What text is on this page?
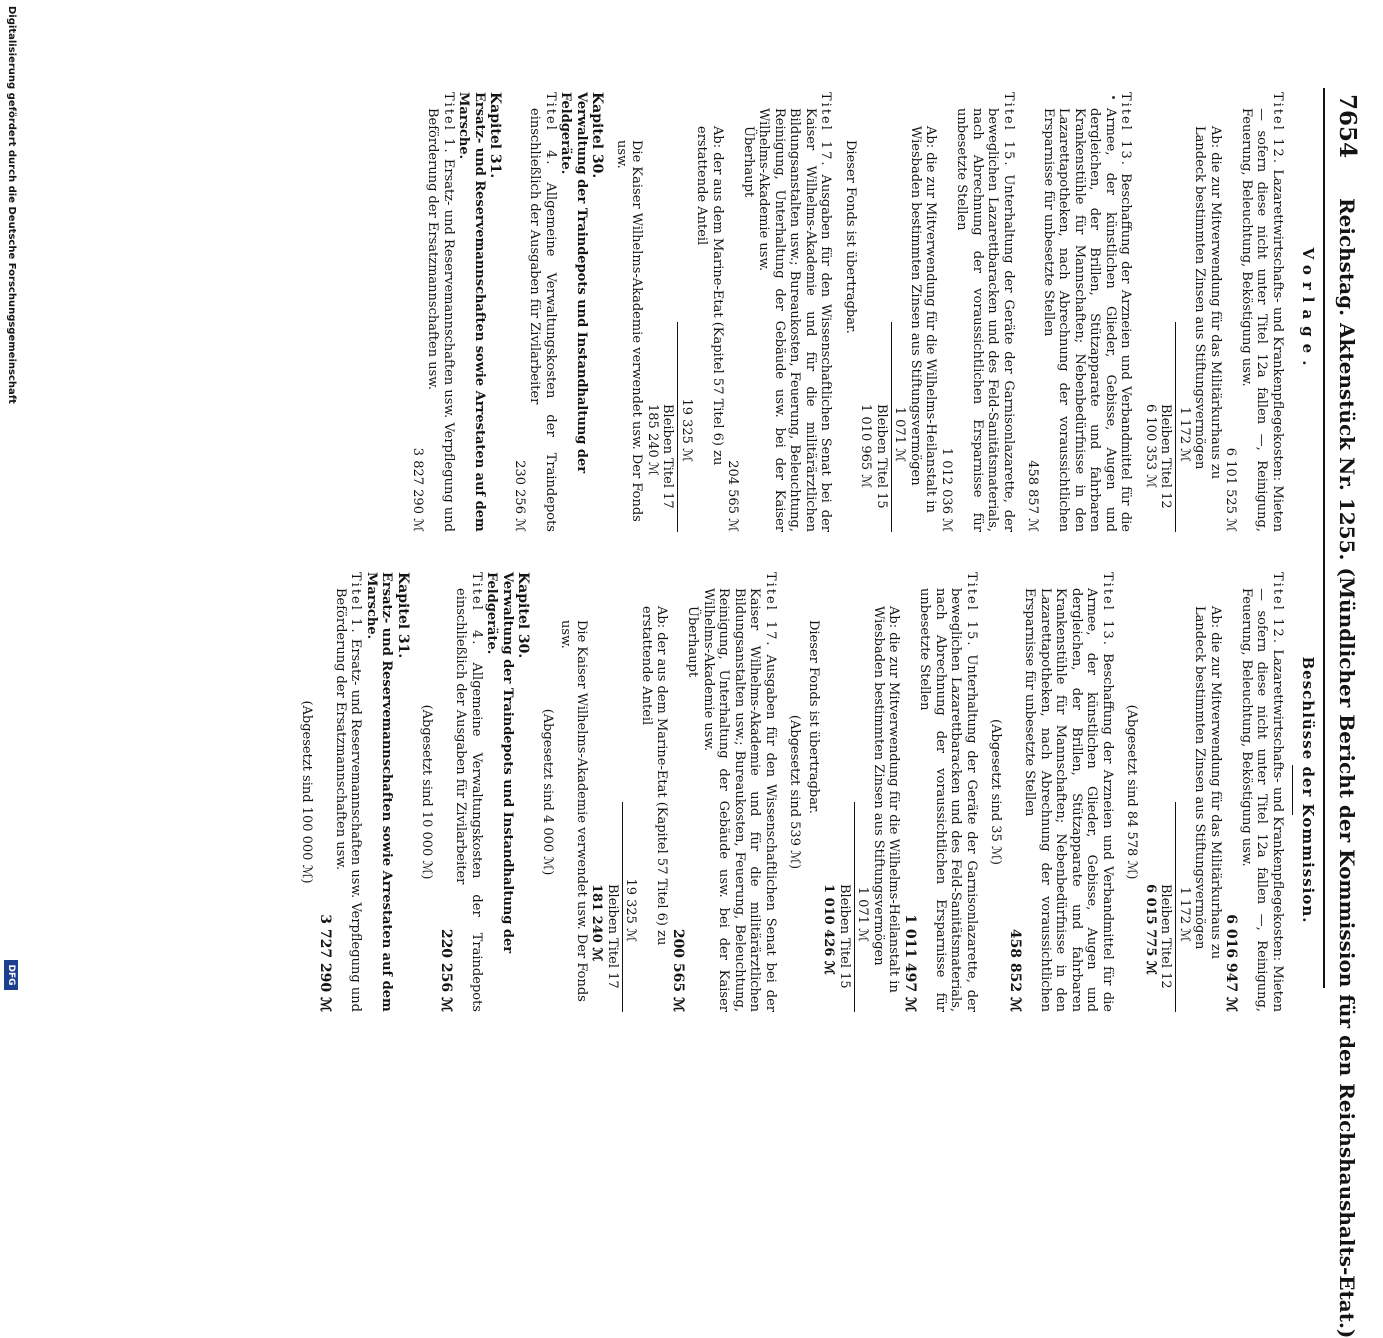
7654
Reichstag. Aktenstück Nr. 1255. (Mündlicher Bericht der Kommission für den Reichshaushalts-Etat.)
Vorlage.
Beschlüsse der Kommission.
Titel 12. Lazarettwirtschafts- und Krankenpflegekosten: Mieten — sofern diese nicht unter Titel 12a fallen —, Reinigung, Feuerung, Beleuchtung, Beköstigung usw.
6 101 525 ℳ
Ab: die zur Mitverwendung für das Militärkurhaus zu Landeck bestimmten Zinsen aus Stiftungsvermögen
1 172 ℳ
Bleiben Titel 12 6 100 353 ℳ
Titel 13. Beschaffung der Arzneien und Verbandmittel für die Armee, der künstlichen Glieder, Gebisse, Augen und dergleichen, der Brillen, Stützapparate und fahrbaren Krankenstühle für Mannschaften; Nebenbedürfnisse in den Lazarettapotheken, nach Abrechnung der voraussichtlichen Ersparnisse für unbesetzte Stellen
458 857 ℳ
Titel 15. Unterhaltung der Geräte der Garnisonlazarette, der beweglichen Lazarettbaracken und des Feld-Sanitätsmaterials, nach Abrechnung der voraussichtlichen Ersparnisse für unbesetzte Stellen
1 012 036 ℳ
Ab: die zur Mitverwendung für die Wilhelms-Heilanstalt in Wiesbaden bestimmten Zinsen aus Stiftungsvermögen
1 071 ℳ
Bleiben Titel 15 1 010 965 ℳ
Dieser Fonds ist übertragbar.
Titel 17. Ausgaben für den Wissenschaftlichen Senat bei der Kaiser Wilhelms-Akademie und für die militärärztlichen Bildungsanstalten usw.; Bureaukosten, Feuerung, Beleuchtung, Reinigung, Unterhaltung der Gebäude usw. bei der Kaiser Wilhelms-Akademie usw.
Überhaupt
204 565 ℳ
Ab: der aus dem Marine-Etat (Kapitel 57 Titel 6) zu erstattende Anteil
19 325 ℳ
Bleiben Titel 17 185 240 ℳ
Die Kaiser Wilhelms-Akademie verwendet usw. Der Fonds usw.
Kapitel 30.
Verwaltung der Traindepots und Instandhaltung der Feldgeräte.
Titel 4. Allgemeine Verwaltungskosten der Traindepots einschließlich der Ausgaben für Zivilarbeiter
230 256 ℳ
Kapitel 31.
Ersatz- und Reservemannschaften sowie Arrestaten auf dem Marsche.
Titel 1. Ersatz- und Reservemannschaften usw. Verpflegung und Beförderung der Ersatzmannschaften usw.
3 827 290 ℳ
Titel 12. Lazarettwirtschafts- und Krankenpflegekosten: Mieten — sofern diese nicht unter Titel 12a fallen —, Reinigung, Feuerung, Beleuchtung, Beköstigung usw.
6 016 947 ℳ
Ab: die zur Mitverwendung für das Militärkurhaus zu Landeck bestimmten Zinsen aus Stiftungsvermögen
1 172 ℳ
Bleiben Titel 12 6 015 775 ℳ
(Abgesetzt sind 84 578 ℳ)
Titel 13. Beschaffung der Arzneien und Verbandmittel für die Armee, der künstlichen Glieder, Gebisse, Augen und dergleichen, der Brillen, Stützapparate und fahrbaren Krankenstühle für Mannschaften; Nebenbedürfnisse in den Lazarettapotheken, nach Abrechnung der voraussichtlichen Ersparnisse für unbesetzte Stellen
458 852 ℳ
(Abgesetzt sind 35 ℳ)
Titel 15. Unterhaltung der Geräte der Garnisonlazarette, der beweglichen Lazarettbaracken und des Feld-Sanitätsmaterials, nach Abrechnung der voraussichtlichen Ersparnisse für unbesetzte Stellen
1 011 497 ℳ
Ab: die zur Mitverwendung für die Wilhelms-Heilanstalt in Wiesbaden bestimmten Zinsen aus Stiftungsvermögen
1 071 ℳ
Bleiben Titel 15 1 010 426 ℳ
Dieser Fonds ist übertragbar.
(Abgesetzt sind 539 ℳ)
Titel 17. Ausgaben für den Wissenschaftlichen Senat bei der Kaiser Wilhelms-Akademie und für die militärärztlichen Bildungsanstalten usw.; Bureaukosten, Feuerung, Beleuchtung, Reinigung, Unterhaltung der Gebäude usw. bei der Kaiser Wilhelms-Akademie usw.
Überhaupt
200 565 ℳ
Ab: der aus dem Marine-Etat (Kapitel 57 Titel 6) zu erstattende Anteil
19 325 ℳ
Bleiben Titel 17 181 240 ℳ
Die Kaiser Wilhelms-Akademie verwendet usw. Der Fonds usw.
(Abgesetzt sind 4 000 ℳ)
Kapitel 30.
Verwaltung der Traindepots und Instandhaltung der Feldgeräte.
Titel 4. Allgemeine Verwaltungskosten der Traindepots einschließlich der Ausgaben für Zivilarbeiter
220 256 ℳ
(Abgesetzt sind 10 000 ℳ)
Kapitel 31.
Ersatz- und Reservemannschaften sowie Arrestaten auf dem Marsche.
Titel 1. Ersatz- und Reservemannschaften usw. Verpflegung und Beförderung der Ersatzmannschaften usw.
3 727 290 ℳ
(Abgesetzt sind 100 000 ℳ)
Digitalisierung gefördert durch die Deutsche Forschungsgemeinschaft
DFG
